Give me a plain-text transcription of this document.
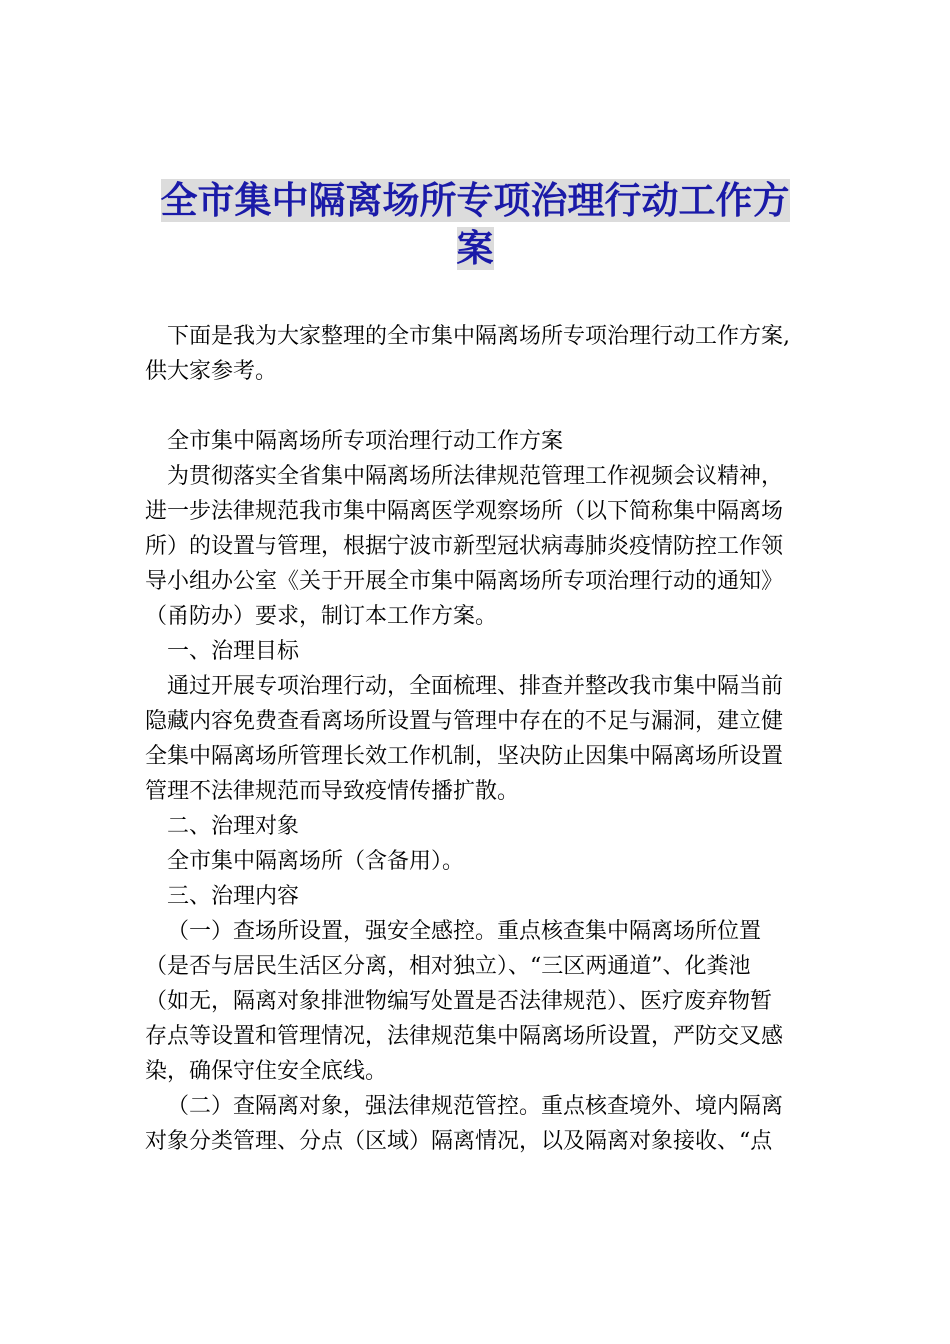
全市集中隔离场所专项治理行动工作方
案

下面是我为大家整理的全市集中隔离场所专项治理行动工作方案,

供大家参考。

全市集中隔离场所专项治理行动工作方案

为贯彻落实全省集中隔离场所法律规范管理工作视频会议精神，

进一步法律规范我市集中隔离医学观察场所（以下简称集中隔离场

所）的设置与管理，根据宁波市新型冠状病毒肺炎疫情防控工作领

导小组办公室《关于开展全市集中隔离场所专项治理行动的通知》

（甬防办）要求，制订本工作方案。

一、治理目标

通过开展专项治理行动，全面梳理、排查并整改我市集中隔当前

隐藏内容免费查看离场所设置与管理中存在的不足与漏洞，建立健

全集中隔离场所管理长效工作机制，坚决防止因集中隔离场所设置

管理不法律规范而导致疫情传播扩散。

二、治理对象

全市集中隔离场所（含备用）。

三、治理内容

（一）查场所设置，强安全感控。重点核查集中隔离场所位置

（是否与居民生活区分离，相对独立）、“三区两通道”、化粪池

（如无，隔离对象排泄物编写处置是否法律规范）、医疗废弃物暂

存点等设置和管理情况，法律规范集中隔离场所设置，严防交叉感

染，确保守住安全底线。

（二）查隔离对象，强法律规范管控。重点核查境外、境内隔离

对象分类管理、分点（区域）隔离情况，以及隔离对象接收、“点
